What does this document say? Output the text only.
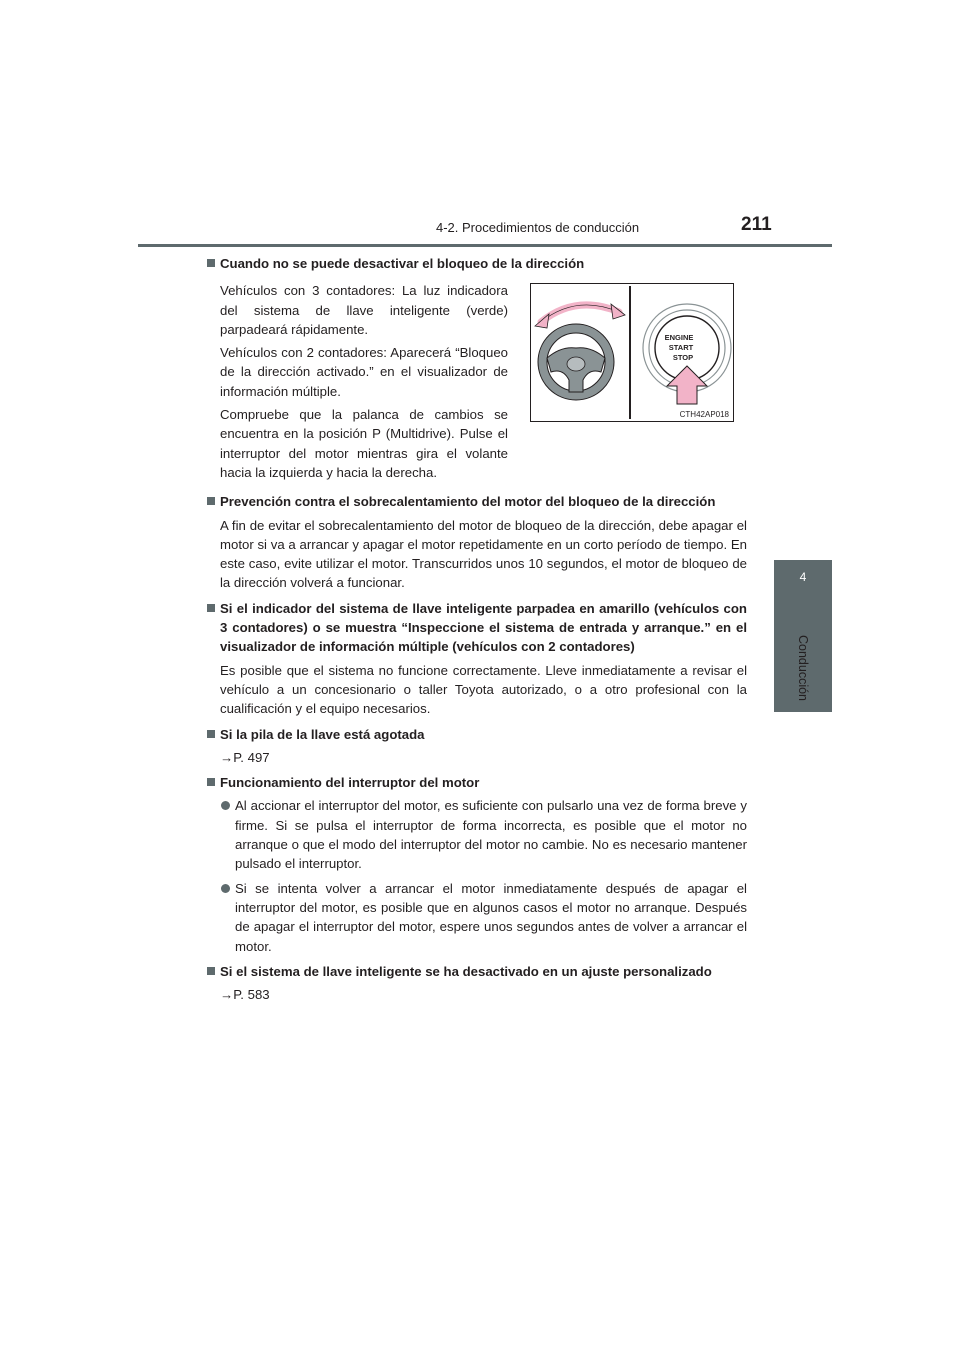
4-2. Procedimientos de conducción	211
4
Conducción
ENGINE
START
STOP
CTH42AP018
Cuando no se puede desactivar el bloqueo de la dirección
Vehículos con 3 contadores: La luz indicadora del sistema de llave inteligente (verde) parpadeará rápidamente.
Vehículos con 2 contadores: Aparecerá “Bloqueo de la dirección activado.” en el visualizador de información múltiple.
Compruebe que la palanca de cambios se encuentra en la posición P (Multidrive). Pulse el interruptor del motor mientras gira el volante hacia la izquierda y hacia la derecha.
Prevención contra el sobrecalentamiento del motor del bloqueo de la dirección
A fin de evitar el sobrecalentamiento del motor de bloqueo de la dirección, debe apagar el motor si va a arrancar y apagar el motor repetidamente en un corto período de tiempo. En este caso, evite utilizar el motor. Transcurridos unos 10 segundos, el motor de bloqueo de la dirección volverá a funcionar.
Si el indicador del sistema de llave inteligente parpadea en amarillo (vehículos con 3 contadores) o se muestra “Inspeccione el sistema de entrada y arranque.” en el visualizador de información múltiple (vehículos con 2 contadores)
Es posible que el sistema no funcione correctamente. Lleve inmediatamente a revisar el vehículo a un concesionario o taller Toyota autorizado, o a otro profesional con la cualificación y el equipo necesarios.
Si la pila de la llave está agotada
→P. 497
Funcionamiento del interruptor del motor
Al accionar el interruptor del motor, es suficiente con pulsarlo una vez de forma breve y firme. Si se pulsa el interruptor de forma incorrecta, es posible que el motor no arranque o que el modo del interruptor del motor no cambie. No es necesario mantener pulsado el interruptor.
Si se intenta volver a arrancar el motor inmediatamente después de apagar el interruptor del motor, es posible que en algunos casos el motor no arranque. Después de apagar el interruptor del motor, espere unos segundos antes de volver a arrancar el motor.
Si el sistema de llave inteligente se ha desactivado en un ajuste personalizado
→P. 583
